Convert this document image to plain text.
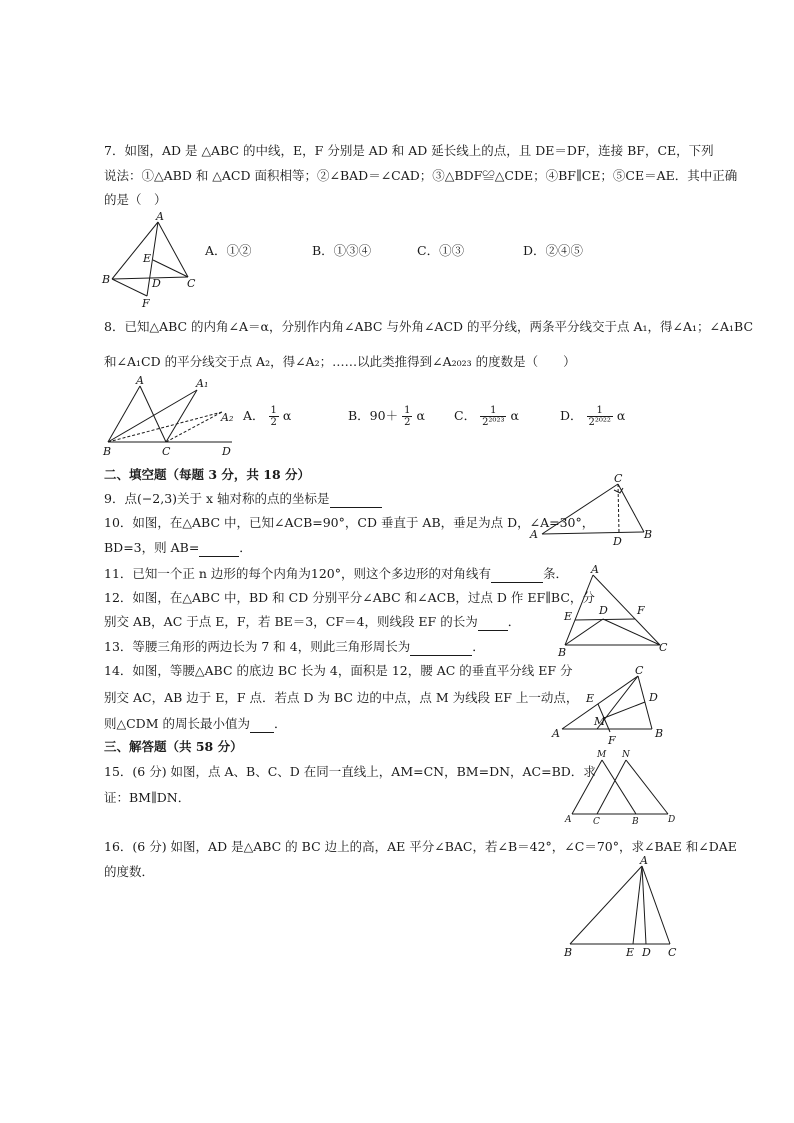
7．如图，AD 是 △ABC 的中线，E，F 分别是 AD 和 AD 延长线上的点，且 DE＝DF，连接 BF，CE，下列
说法：①△ABD 和 △ACD 面积相等；②∠BAD＝∠CAD；③△BDF≌△CDE；④BF∥CE；⑤CE＝AE．其中正确
的是（　）
A
B	C
D
E
F
A．①②	B．①③④	C．①③	D．②④⑤
8．已知△ABC 的内角∠A＝α，分别作内角∠ABC 与外角∠ACD 的平分线，两条平分线交于点 A₁，得∠A₁；∠A₁BC
和∠A₁CD 的平分线交于点 A₂，得∠A₂；……以此类推得到∠A₂₀₂₃ 的度数是（　　）
A	A₁
A₂
B	C	D
A． $\frac{1}{2}$ α	B．$90+ \frac{1}{2}$ α C． $\frac{1}{\text{2²⁰²³}}$ α	D． $\frac{1}{\text{2²⁰²²}}$ α
二、填空题（每题 3 分，共 18 分）
9．点(−2,3)关于 x 轴对称的点的坐标是
C
A	B
D
10．如图，在△ABC 中，已知∠ACB=90°，CD 垂直于 AB，垂足为点 D，∠A=30°，
BD=3，则 AB=	．
11．已知一个正 n 边形的每个内角为120°，则这个多边形的对角线有	条． A
E D	F
B	C
12．如图，在△ABC 中，BD 和 CD 分别平分∠ABC 和∠ACB，过点 D 作 EF∥BC，分
别交 AB，AC 于点 E，F，若 BE＝3，CF＝4，则线段 EF 的长为 ．
13．等腰三角形的两边长为 7 和 4，则此三角形周长为	．
C
E	D
M
A	B
F
14．如图，等腰△ABC 的底边 BC 长为 4，面积是 12，腰 AC 的垂直平分线 EF 分
别交 AC，AB 边于 E，F 点．若点 D 为 BC 边的中点，点 M 为线段 EF 上一动点，
则△CDM 的周长最小值为 ．
三、解答题（共 58 分）
M N
A C	B	D
15．(6 分) 如图，点 A、B、C、D 在同一直线上，AM=CN，BM=DN，AC=BD．求
证：BM∥DN．
16．(6 分) 如图，AD 是△ABC 的 BC 边上的高，AE 平分∠BAC，若∠B＝42°，∠C＝70°，求∠BAE 和∠DAE
的度数．
A
B	E D C
